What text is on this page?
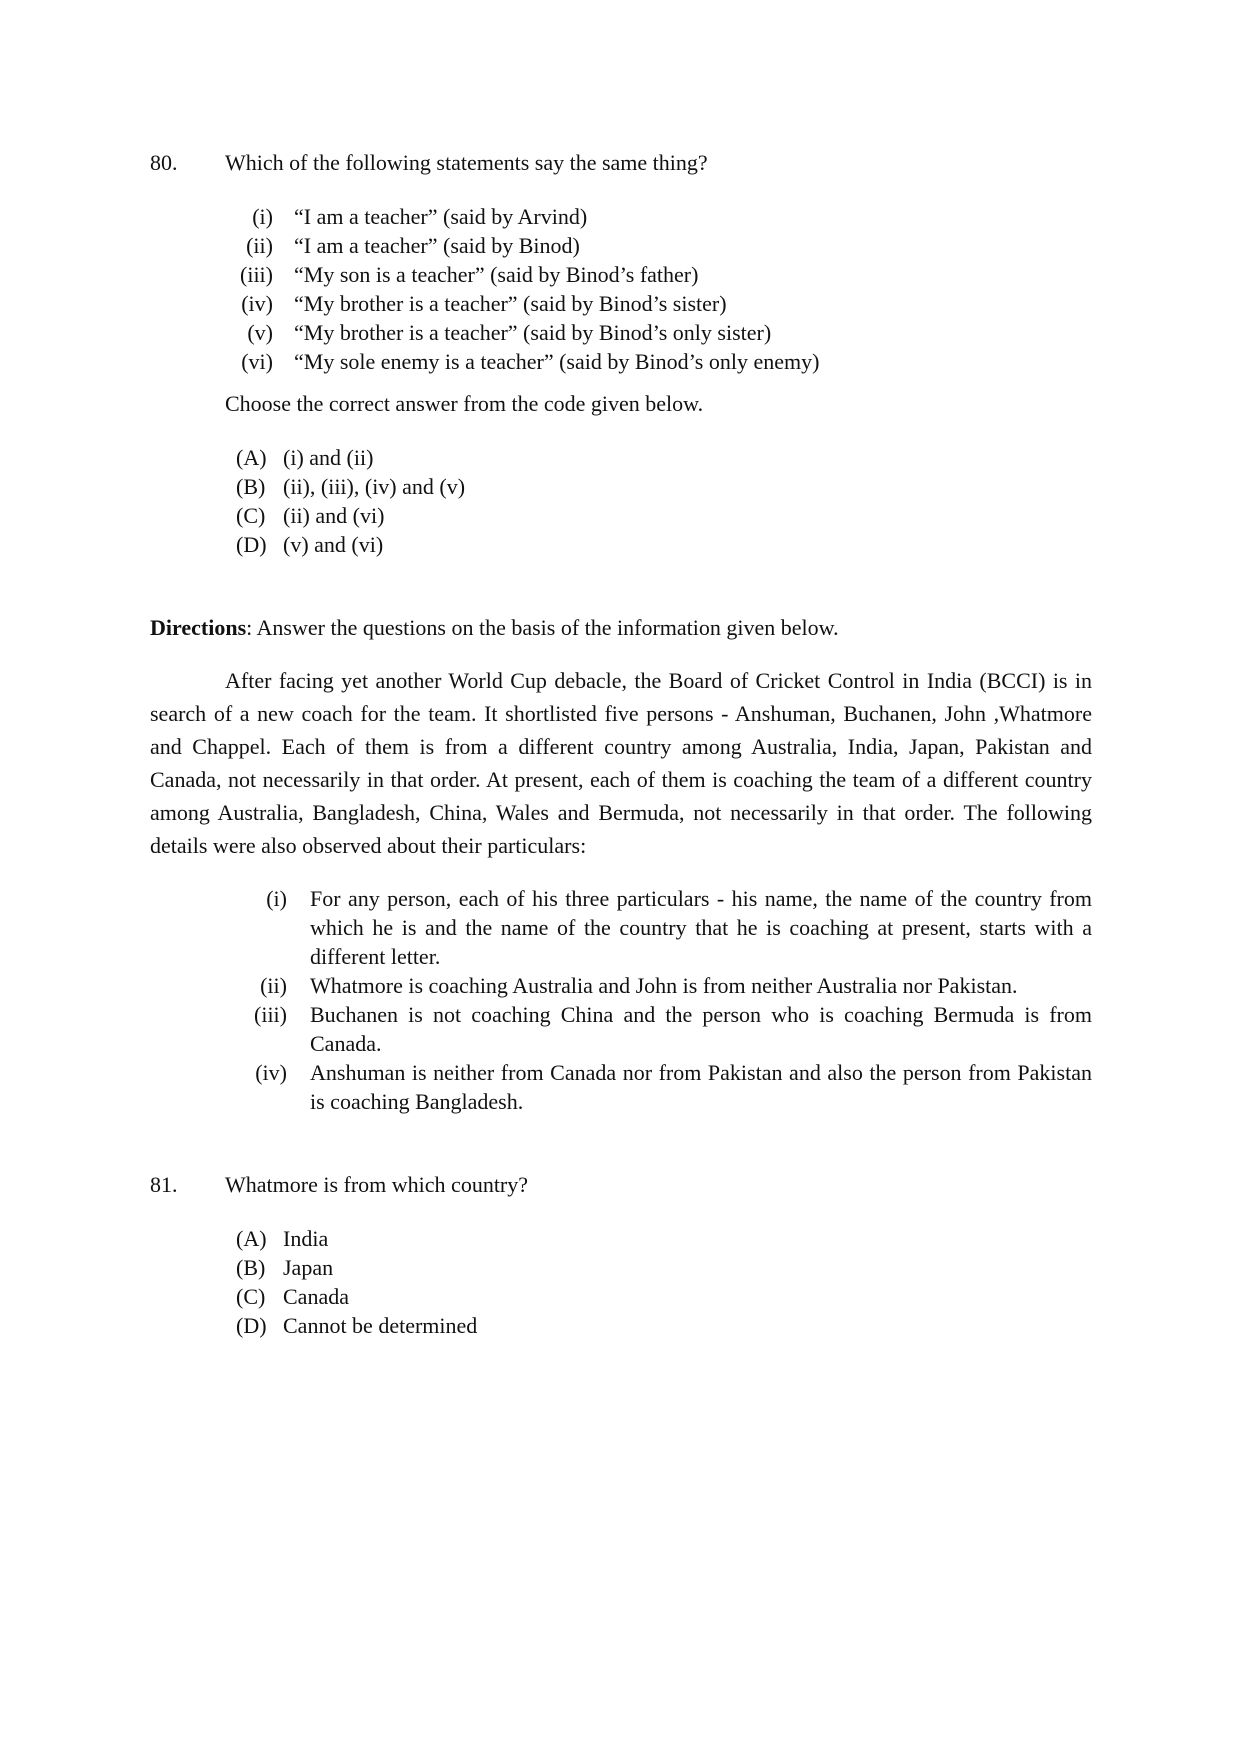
80. Which of the following statements say the same thing?
(i) “I am a teacher” (said by Arvind)
(ii) “I am a teacher” (said by Binod)
(iii) “My son is a teacher” (said by Binod’s father)
(iv) “My brother is a teacher” (said by Binod’s sister)
(v) “My brother is a teacher” (said by Binod’s only sister)
(vi) “My sole enemy is a teacher” (said by Binod’s only enemy)
Choose the correct answer from the code given below.
(A) (i) and (ii)
(B) (ii), (iii), (iv) and (v)
(C) (ii) and (vi)
(D) (v) and (vi)
Directions: Answer the questions on the basis of the information given below.
After facing yet another World Cup debacle, the Board of Cricket Control in India (BCCI) is in search of a new coach for the team. It shortlisted five persons - Anshuman, Buchanen, John ,Whatmore and Chappel. Each of them is from a different country among Australia, India, Japan, Pakistan and Canada, not necessarily in that order. At present, each of them is coaching the team of a different country among Australia, Bangladesh, China, Wales and Bermuda, not necessarily in that order. The following details were also observed about their particulars:
(i)	For any person, each of his three particulars - his name, the name of the country from which he is and the name of the country that he is coaching at present, starts with a different letter.
(ii)	Whatmore is coaching Australia and John is from neither Australia nor Pakistan.
(iii)	Buchanen is not coaching China and the person who is coaching Bermuda is from Canada.
(iv)	Anshuman is neither from Canada nor from Pakistan and also the person from Pakistan is coaching Bangladesh.
81. Whatmore is from which country?
(A) India
(B) Japan
(C) Canada
(D) Cannot be determined
